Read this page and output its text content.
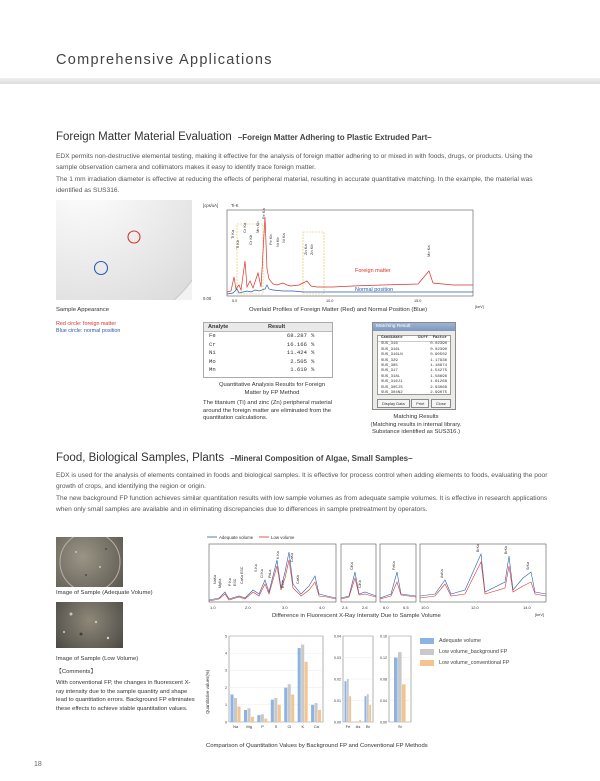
Comprehensive Applications
Foreign Matter Material Evaluation –Foreign Matter Adhering to Plastic Extruded Part–
EDX permits non-destructive elemental testing, making it effective for the analysis of foreign matter adhering to or mixed in with foods, drugs, or products. Using the sample observation camera and collimators makes it easy to identify trace foreign matter.
The 1 mm irradiation diameter is effective at reducing the effects of peripheral material, resulting in accurate quantitative matching. In the example, the material was identified as SUS316.
Sample Appearance
Red circle: foreign matter
Blue circle: normal position
[cps/uA]	Ti-K
0.00
Ti Ka
Ti Kb
Cr Ka
Cr Kb
Mn Kb
Fe Ka
Fe Kb Ni Kb Ni Ka
Zn Ka Zn Kb	Mo Ka
Foreign matter
Normal position
5.0	10.0	15.0
[keV]
Overlaid Profiles of Foreign Matter (Red) and Normal Position (Blue)
Analyte	Result
Fe	68.287	%
Cr	16.166	%
Ni	11.424	%
Mo	2.505	%
Mn	1.619	%
Quantitative Analysis Results for Foreign Matter by FP Method
The titanium (Ti) and zinc (Zn) peripheral material around the foreign matter are eliminated from the quantitation calculations.
Matching Result
Candidate	Diff. Factor
SUS_316	0.02390
SUS_316L	0.02390
SUS_316LN	0.90502
SUS_329	1.17936
SUS_385	1.18874
SUS_317	1.54275
SUS_318L	1.58696
SUS_316J1	1.61268
SUS_305JS	2.93068
SUS_304N2	2.99075
Display Data	Print	Close
Matching Results
(Matching results in internal library.
Substance identified as SUS316.)
Food, Biological Samples, Plants –Mineral Composition of Algae, Small Samples–
EDX is used for the analysis of elements contained in foods and biological samples. It is effective for process control when adding elements to foods, evaluating the poor growth of crops, and identifying the region or origin.
The new background FP function achieves similar quantitation results with low sample volumes as from adequate sample volumes. It is effective in research applications when only small samples are available and in eliminating discrepancies due to differences in sample pretreatment by operators.
Image of Sample (Adequate Volume)
Image of Sample (Low Volume)
【Comments】
With conventional FP, the changes in fluorescent X-ray intensity due to the sample quantity and shape lead to quantitation errors. Background FP eliminates these effects to achieve stable quantitation values.
Adequate volume	Low volume
NaKa MgKa P Ka ESC CaKa ESC	S Ka
Cl Ka PbLa
K Ka
K Kb
CaKa
CaKb
ClKa
ClKb
FeKa
AsKa
BrKa	BrKb
SrKa
1.0	2.0	3.0	4.0	2.4	2.6	6.0	6.5	10.0	12.0	14.0
[keV]
Difference in Fluorescent X-Ray Intensity Due to Sample Volume
Quantitative values(%)
0
1
2
3
4
5
Na Mg P	S	Cl	K Ca
0.00
0.01
0.02
0.03
0.04
Fe As Br
0.00
0.04
0.08
0.12
0.16
Sr
Adequate volume
Low volume_background FP
Low volume_conventional FP
Comparison of Quantitation Values by Background FP and Conventional FP Methods
18
